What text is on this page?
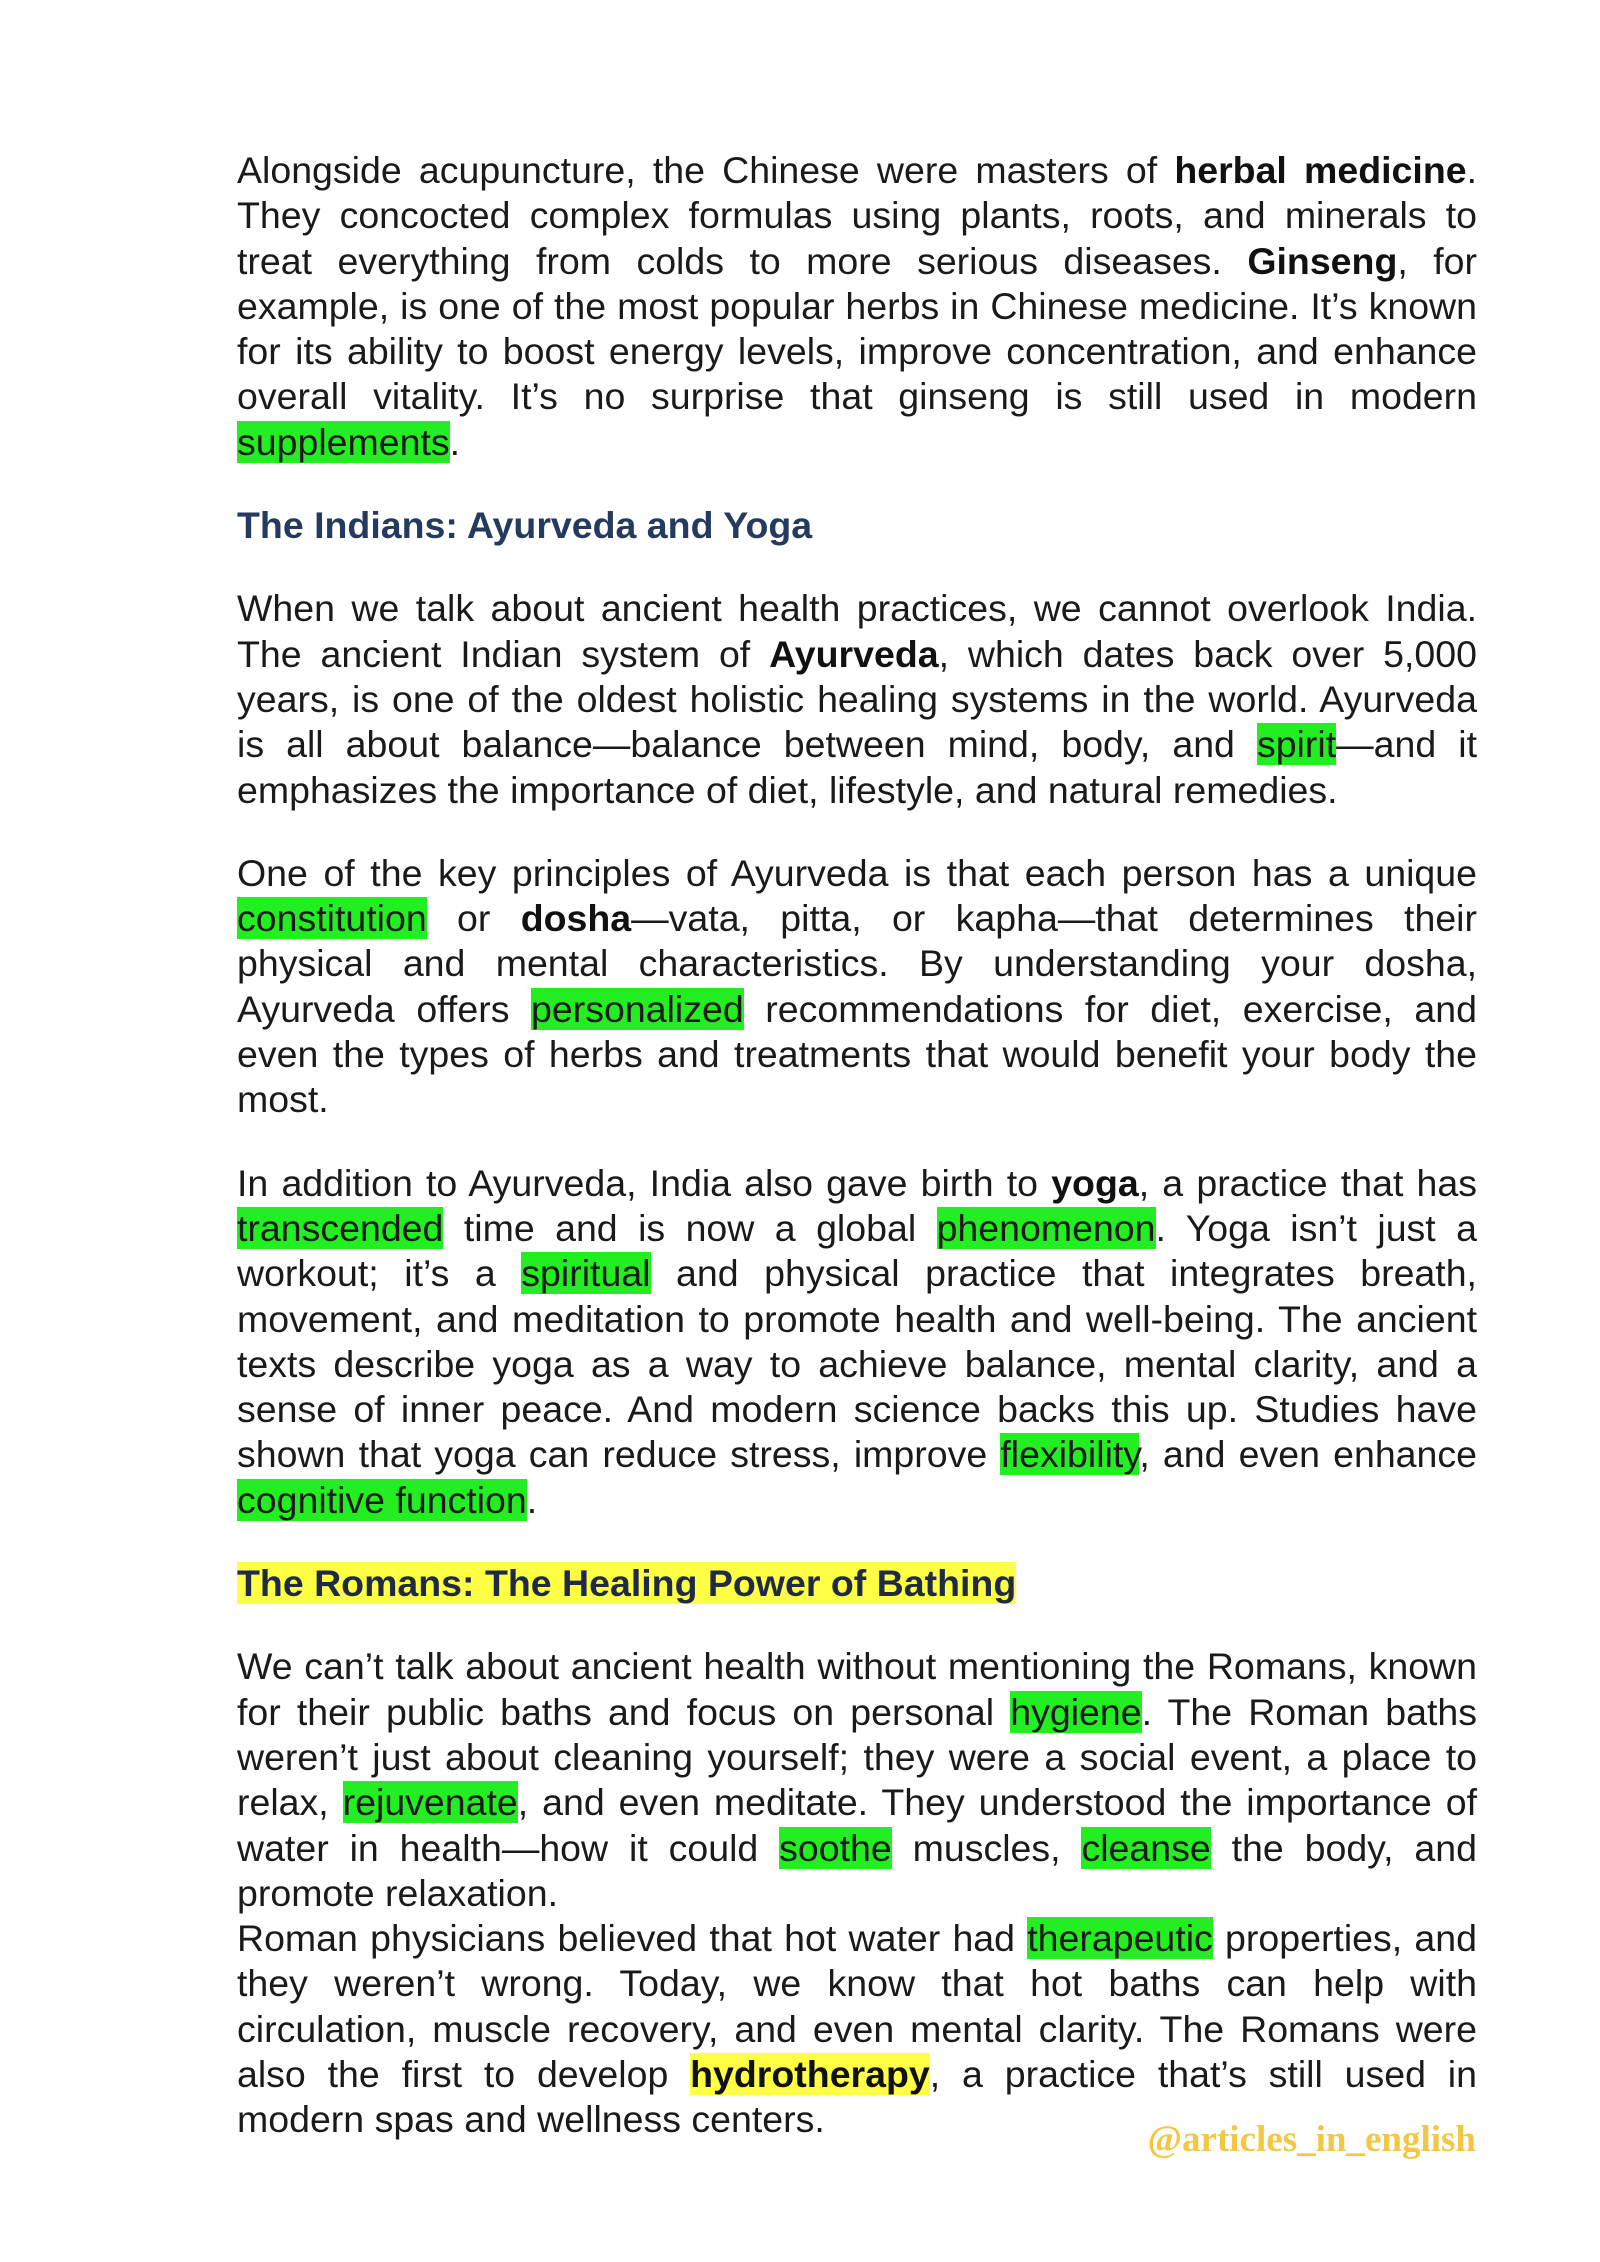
Alongside acupuncture, the Chinese were masters of herbal medicine. They concocted complex formulas using plants, roots, and minerals to treat everything from colds to more serious diseases. Ginseng, for example, is one of the most popular herbs in Chinese medicine. It’s known for its ability to boost energy levels, improve concentration, and enhance overall vitality. It’s no surprise that ginseng is still used in modern supplements.

The Indians: Ayurveda and Yoga

When we talk about ancient health practices, we cannot overlook India. The ancient Indian system of Ayurveda, which dates back over 5,000 years, is one of the oldest holistic healing systems in the world. Ayurveda is all about balance—balance between mind, body, and spirit—and it emphasizes the importance of diet, lifestyle, and natural remedies.

One of the key principles of Ayurveda is that each person has a unique constitution or dosha—vata, pitta, or kapha—that determines their physical and mental characteristics. By understanding your dosha, Ayurveda offers personalized recommendations for diet, exercise, and even the types of herbs and treatments that would benefit your body the most.

In addition to Ayurveda, India also gave birth to yoga, a practice that has transcended time and is now a global phenomenon. Yoga isn’t just a workout; it’s a spiritual and physical practice that integrates breath, movement, and meditation to promote health and well-being. The ancient texts describe yoga as a way to achieve balance, mental clarity, and a sense of inner peace. And modern science backs this up. Studies have shown that yoga can reduce stress, improve flexibility, and even enhance cognitive function.

The Romans: The Healing Power of Bathing

We can’t talk about ancient health without mentioning the Romans, known for their public baths and focus on personal hygiene. The Roman baths weren’t just about cleaning yourself; they were a social event, a place to relax, rejuvenate, and even meditate. They understood the importance of water in health—how it could soothe muscles, cleanse the body, and promote relaxation.

Roman physicians believed that hot water had therapeutic properties, and they weren’t wrong. Today, we know that hot baths can help with circulation, muscle recovery, and even mental clarity. The Romans were also the first to develop hydrotherapy, a practice that’s still used in modern spas and wellness centers.	@articles_in_english
